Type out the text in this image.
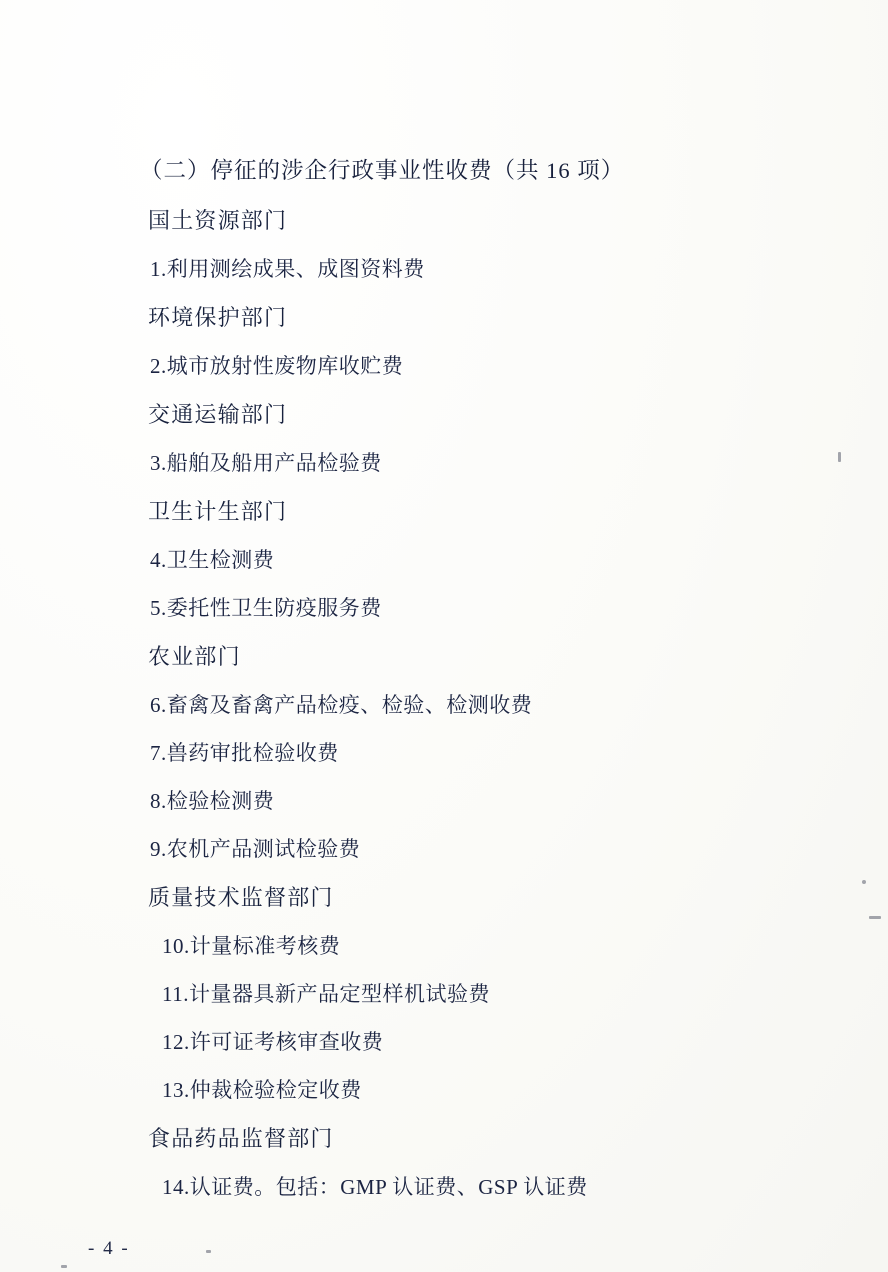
（二）停征的涉企行政事业性收费（共 16 项）

国土资源部门

1.利用测绘成果、成图资料费

环境保护部门

2.城市放射性废物库收贮费

交通运输部门

3.船舶及船用产品检验费

卫生计生部门

4.卫生检测费

5.委托性卫生防疫服务费

农业部门

6.畜禽及畜禽产品检疫、检验、检测收费

7.兽药审批检验收费

8.检验检测费

9.农机产品测试检验费

质量技术监督部门

10.计量标准考核费

11.计量器具新产品定型样机试验费

12.许可证考核审查收费

13.仲裁检验检定收费

食品药品监督部门

14.认证费。包括：GMP 认证费、GSP 认证费

- 4 -
